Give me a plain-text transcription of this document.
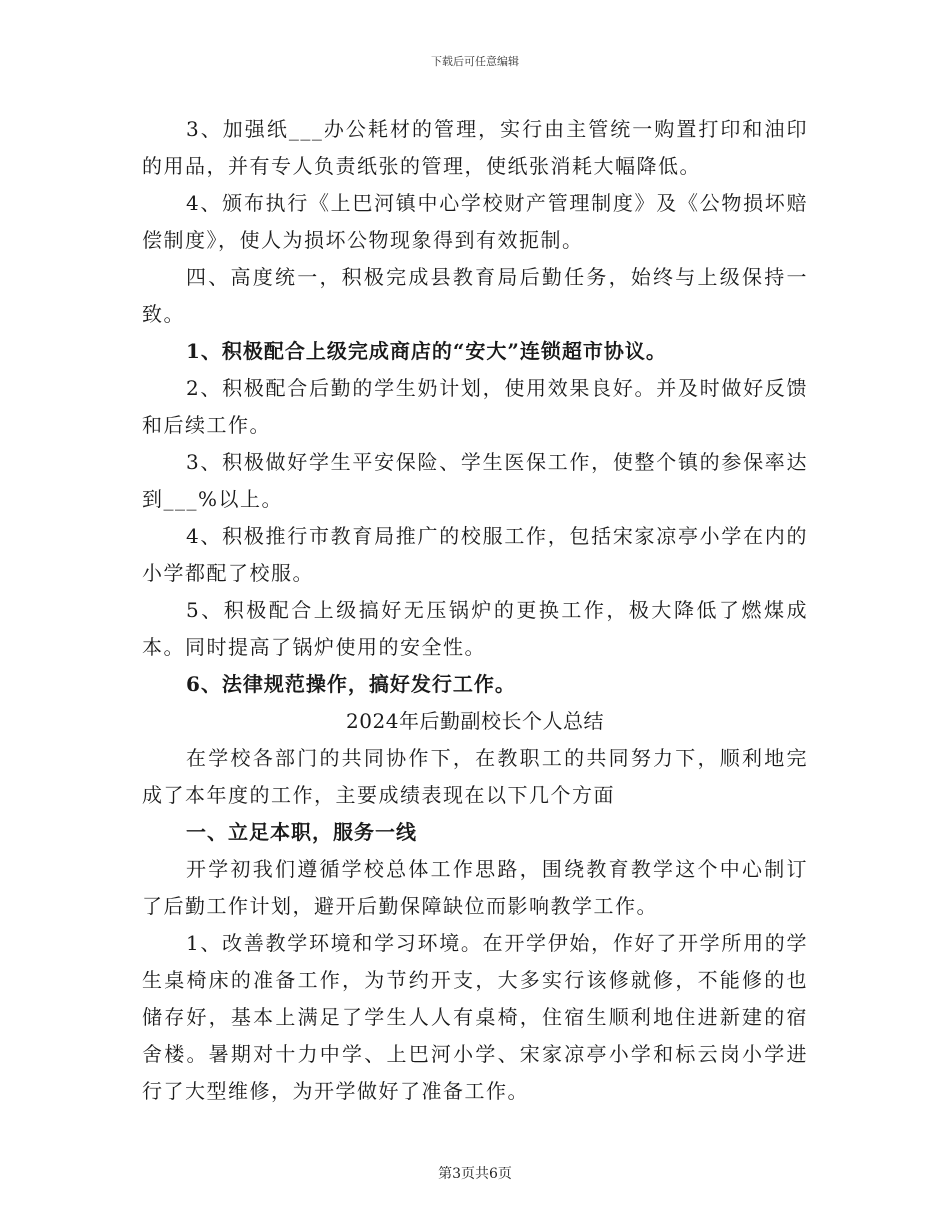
下载后可任意编辑

3、加强纸___办公耗材的管理，实行由主管统一购置打印和油印的用品，并有专人负责纸张的管理，使纸张消耗大幅降低。

4、颁布执行《上巴河镇中心学校财产管理制度》及《公物损坏赔偿制度》，使人为损坏公物现象得到有效扼制。

四、高度统一，积极完成县教育局后勤任务，始终与上级保持一致。

1、积极配合上级完成商店的“安大”连锁超市协议。

2、积极配合后勤的学生奶计划，使用效果良好。并及时做好反馈和后续工作。

3、积极做好学生平安保险、学生医保工作，使整个镇的参保率达到___%以上。

4、积极推行市教育局推广的校服工作，包括宋家凉亭小学在内的小学都配了校服。

5、积极配合上级搞好无压锅炉的更换工作，极大降低了燃煤成本。同时提高了锅炉使用的安全性。

6、法律规范操作，搞好发行工作。

2024年后勤副校长个人总结

在学校各部门的共同协作下，在教职工的共同努力下，顺利地完成了本年度的工作，主要成绩表现在以下几个方面

一、立足本职，服务一线

开学初我们遵循学校总体工作思路，围绕教育教学这个中心制订了后勤工作计划，避开后勤保障缺位而影响教学工作。

1、改善教学环境和学习环境。在开学伊始，作好了开学所用的学生桌椅床的准备工作，为节约开支，大多实行该修就修，不能修的也储存好，基本上满足了学生人人有桌椅，住宿生顺利地住进新建的宿舍楼。暑期对十力中学、上巴河小学、宋家凉亭小学和标云岗小学进行了大型维修，为开学做好了准备工作。

第3页共6页
